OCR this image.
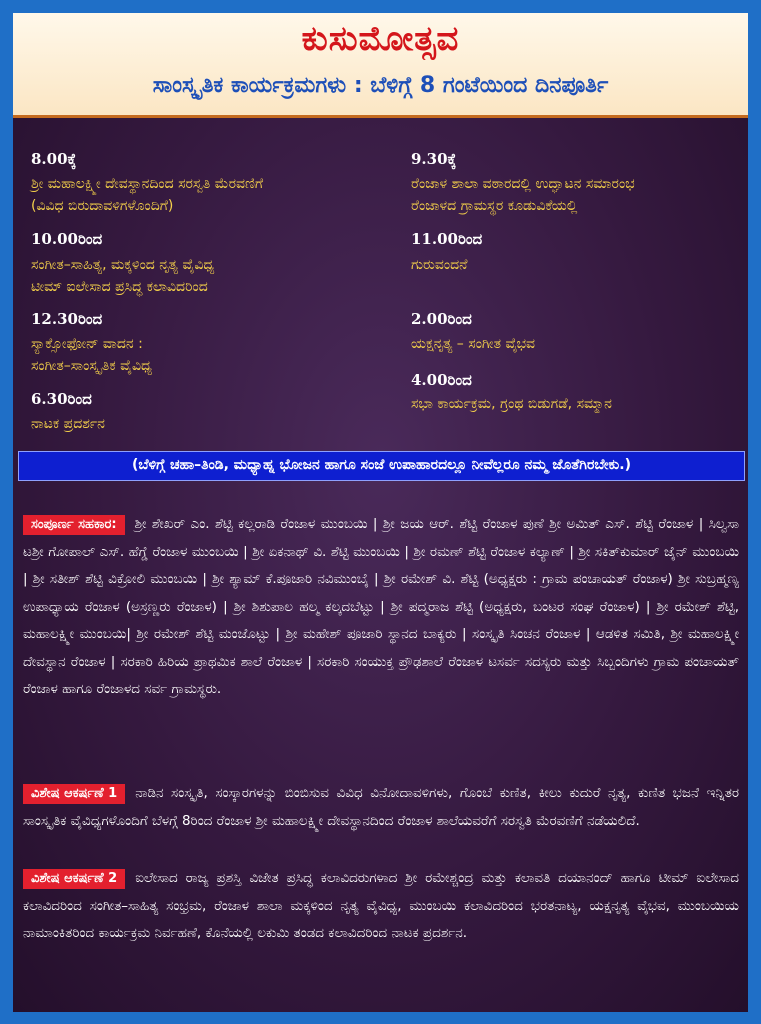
ಕುಸುಮೋತ್ಸವ
ಸಾಂಸ್ಕೃತಿಕ ಕಾರ್ಯಕ್ರಮಗಳು : ಬೆಳಿಗ್ಗೆ 8 ಗಂಟೆಯಿಂದ ದಿನಪೂರ್ತಿ
8.00ಕ್ಕೆ
ಶ್ರೀ ಮಹಾಲಕ್ಷ್ಮೀ ದೇವಸ್ಥಾನದಿಂದ ಸರಸ್ವತಿ ಮೆರವಣಿಗೆ
(ವಿವಿಧ ಬಿರುದಾವಳಿಗಳೊಂದಿಗೆ)
10.00ರಿಂದ
ಸಂಗೀತ–ಸಾಹಿತ್ಯ, ಮಕ್ಕಳಿಂದ ನೃತ್ಯ ವೈವಿಧ್ಯ
ಟೀಮ್ ಐಲೇಸಾದ ಪ್ರಸಿದ್ಧ ಕಲಾವಿದರಿಂದ
12.30ರಿಂದ
ಸ್ಯಾಕ್ಸೋಫೋನ್ ವಾದನ :
ಸಂಗೀತ–ಸಾಂಸ್ಕೃತಿಕ ವೈವಿಧ್ಯ
6.30ರಿಂದ
ನಾಟಕ ಪ್ರದರ್ಶನ
9.30ಕ್ಕೆ
ರೆಂಜಾಳ ಶಾಲಾ ವಠಾರದಲ್ಲಿ ಉದ್ಘಾಟನ ಸಮಾರಂಭ
ರೆಂಜಾಳದ ಗ್ರಾಮಸ್ಥರ ಕೂಡುವಿಕೆಯಲ್ಲಿ
11.00ರಿಂದ
ಗುರುವಂದನೆ
2.00ರಿಂದ
ಯಕ್ಷನೃತ್ಯ – ಸಂಗೀತ ವೈಭವ
4.00ರಿಂದ
ಸಭಾ ಕಾರ್ಯಕ್ರಮ, ಗ್ರಂಥ ಬಿಡುಗಡೆ, ಸಮ್ಮಾನ
(ಬೆಳಿಗ್ಗೆ ಚಹಾ–ತಿಂಡಿ, ಮಧ್ಯಾಹ್ನ ಭೋಜನ ಹಾಗೂ ಸಂಜೆ ಉಪಾಹಾರದಲ್ಲೂ ನೀವೆಲ್ಲರೂ ನಮ್ಮ ಜೊತೆಗಿರಬೇಕು.)
ಸಂಪೂರ್ಣ ಸಹಕಾರ: ಶ್ರೀ ಶೇಖರ್ ಎಂ. ಶೆಟ್ಟಿ ಕಲ್ಲರಾಡಿ ರೆಂಜಾಳ ಮುಂಬಯಿ | ಶ್ರೀ ಜಯ ಆರ್. ಶೆಟ್ಟಿ ರೆಂಜಾಳ ಪುಣೆ ಶ್ರೀ ಅಮಿತ್ ಎಸ್. ಶೆಟ್ಟಿ ರೆಂಜಾಳ | ಸಿಲ್ವಸಾ ಟಶ್ರೀ ಗೋಪಾಲ್ ಎಸ್. ಹೆಗ್ಡೆ ರೆಂಜಾಳ ಮುಂಬಯಿ | ಶ್ರೀ ಏಕನಾಥ್ ವಿ. ಶೆಟ್ಟಿ ಮುಂಬಯಿ | ಶ್ರೀ ರಮಣ್ ಶೆಟ್ಟಿ ರೆಂಜಾಳ ಕಲ್ಯಾಣ್ | ಶ್ರೀ ಸಕಿತ್‌ಕುಮಾರ್ ಜೈನ್ ಮುಂಬಯಿ | ಶ್ರೀ ಸತೀಶ್ ಶೆಟ್ಟಿ ವಿಕ್ರೋಲಿ ಮುಂಬಯಿ | ಶ್ರೀ ಶ್ಯಾಮ್ ಕೆ.ಪೂಜಾರಿ ನವಿಮುಂಬೈ | ಶ್ರೀ ರಮೇಶ್ ವಿ. ಶೆಟ್ಟಿ (ಅಧ್ಯಕ್ಷರು : ಗ್ರಾಮ ಪಂಚಾಯತ್ ರೆಂಜಾಳ) ಶ್ರೀ ಸುಬ್ರಹ್ಮಣ್ಯ ಉಪಾಧ್ಯಾಯ ರೆಂಜಾಳ (ಅಸ್ರಣ್ಣರು ರೆಂಜಾಳ) | ಶ್ರೀ ಶಿಶುಪಾಲ ಹಲ್ಮ ಕಲ್ಕದಬೆಟ್ಟು | ಶ್ರೀ ಪದ್ಮರಾಜ ಶೆಟ್ಟಿ (ಅಧ್ಯಕ್ಷರು, ಬಂಟರ ಸಂಘ ರೆಂಜಾಳ) | ಶ್ರೀ ರಮೇಶ್ ಶೆಟ್ಟಿ, ಮಹಾಲಕ್ಷ್ಮೀ ಮುಂಬಯಿ| ಶ್ರೀ ರಮೇಶ್ ಶೆಟ್ಟಿ ಮಂಜೊಟ್ಟು | ಶ್ರೀ ಮಹೇಶ್ ಪೂಜಾರಿ ಸ್ಥಾನದ ಬಾಕ್ಯರು | ಸಂಸ್ಕೃತಿ ಸಿಂಚನ ರೆಂಜಾಳ | ಆಡಳಿತ ಸಮಿತಿ, ಶ್ರೀ ಮಹಾಲಕ್ಷ್ಮೀ ದೇವಸ್ಥಾನ ರೆಂಜಾಳ | ಸರಕಾರಿ ಹಿರಿಯ ಪ್ರಾಥಮಿಕ ಶಾಲೆ ರೆಂಜಾಳ | ಸರಕಾರಿ ಸಂಯುಕ್ತ ಪ್ರೌಢಶಾಲೆ ರೆಂಜಾಳ ಟಸರ್ವ ಸದಸ್ಯರು ಮತ್ತು ಸಿಬ್ಬಂದಿಗಳು ಗ್ರಾಮ ಪಂಚಾಯತ್ ರೆಂಜಾಳ ಹಾಗೂ ರೆಂಜಾಳದ ಸರ್ವ ಗ್ರಾಮಸ್ಥರು.
ವಿಶೇಷ ಆಕರ್ಷಣೆ 1 ನಾಡಿನ ಸಂಸ್ಕೃತಿ, ಸಂಸ್ಕಾರಗಳನ್ನು ಬಿಂಬಿಸುವ ವಿವಿಧ ವಿನೋದಾವಳಿಗಳು, ಗೊಂಬೆ ಕುಣಿತ, ಕೀಲು ಕುದುರೆ ನೃತ್ಯ, ಕುಣಿತ ಭಜನೆ ಇನ್ನಿತರ ಸಾಂಸ್ಕೃತಿಕ ವೈವಿಧ್ಯಗಳೊಂದಿಗೆ ಬೆಳಗ್ಗೆ 8ರಿಂದ ರೆಂಜಾಳ ಶ್ರೀ ಮಹಾಲಕ್ಷ್ಮೀ ದೇವಸ್ಥಾನದಿಂದ ರೆಂಜಾಳ ಶಾಲೆಯವರೆಗೆ ಸರಸ್ವತಿ ಮೆರವಣಿಗೆ ನಡೆಯಲಿದೆ.
ವಿಶೇಷ ಆಕರ್ಷಣೆ 2 ಐಲೇಸಾದ ರಾಜ್ಯ ಪ್ರಶಸ್ತಿ ವಿಜೇತ ಪ್ರಸಿದ್ಧ ಕಲಾವಿದರುಗಳಾದ ಶ್ರೀ ರಮೇಶ್ಚಂದ್ರ ಮತ್ತು ಕಲಾವತಿ ದಯಾನಂದ್ ಹಾಗೂ ಟೀಮ್ ಐಲೇಸಾದ ಕಲಾವಿದರಿಂದ ಸಂಗೀತ–ಸಾಹಿತ್ಯ ಸಂಭ್ರಮ, ರೆಂಜಾಳ ಶಾಲಾ ಮಕ್ಕಳಿಂದ ನೃತ್ಯ ವೈವಿಧ್ಯ, ಮುಂಬಯಿ ಕಲಾವಿದರಿಂದ ಭರತನಾಟ್ಯ, ಯಕ್ಷನೃತ್ಯ ವೈಭವ, ಮುಂಬಯಿಯ ನಾಮಾಂಕಿತರಿಂದ ಕಾರ್ಯಕ್ರಮ ನಿರ್ವಹಣೆ, ಕೊನೆಯಲ್ಲಿ ಲಕುಮಿ ತಂಡದ ಕಲಾವಿದರಿಂದ ನಾಟಕ ಪ್ರದರ್ಶನ.
